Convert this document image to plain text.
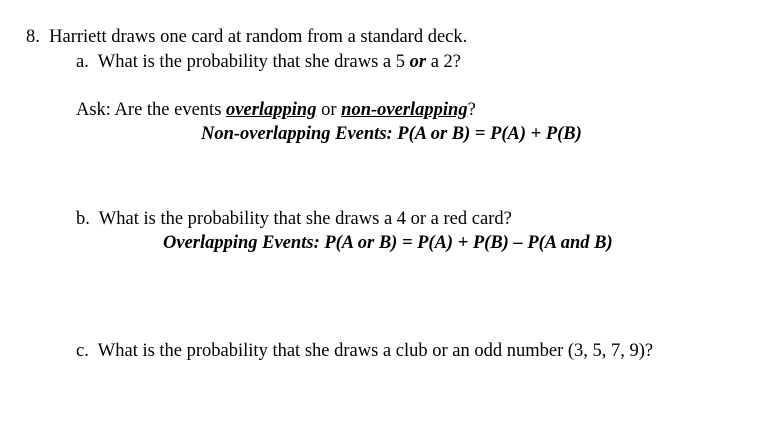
8. Harriett draws one card at random from a standard deck.
a. What is the probability that she draws a 5 or a 2?
Ask: Are the events overlapping or non-overlapping?
Non-overlapping Events: P(A or B) = P(A) + P(B)
b. What is the probability that she draws a 4 or a red card?
Overlapping Events: P(A or B) = P(A) + P(B) – P(A and B)
c. What is the probability that she draws a club or an odd number (3, 5, 7, 9)?
